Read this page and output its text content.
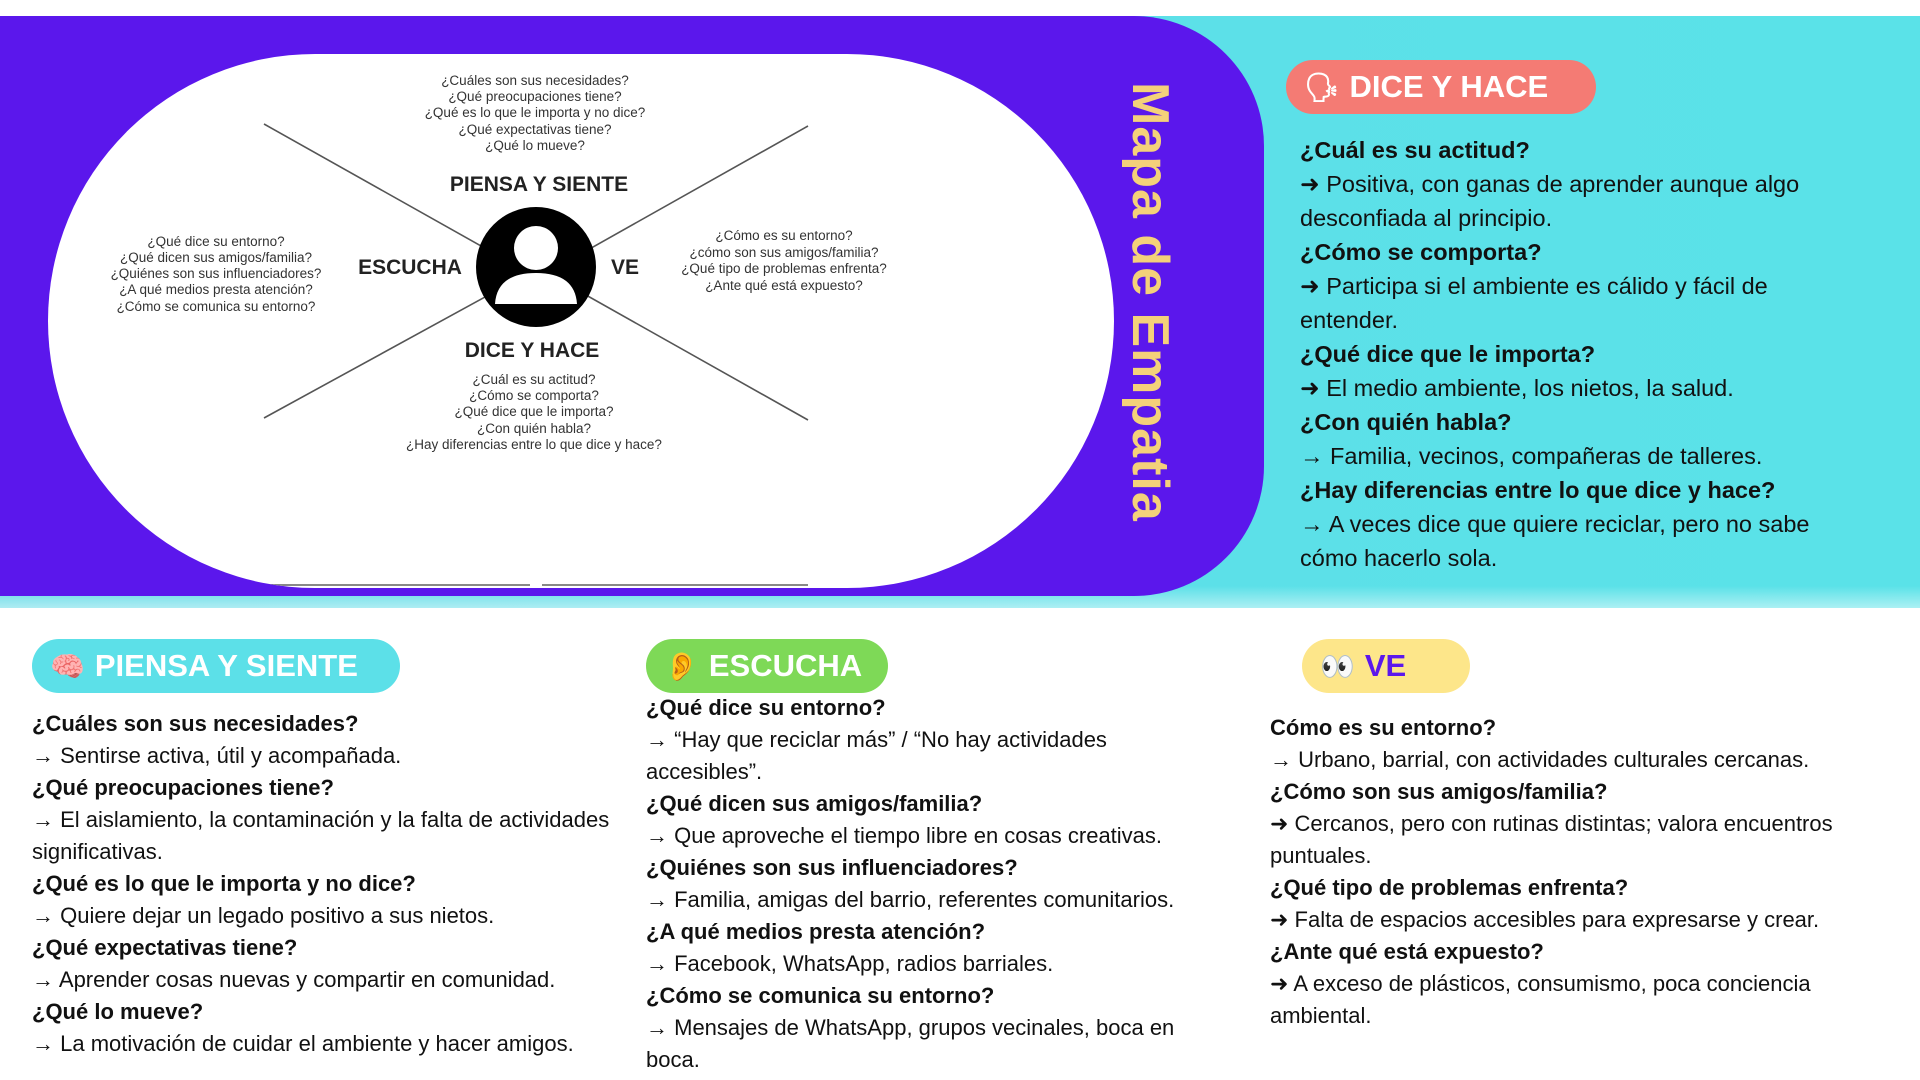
PIENSA Y SIENTE
ESCUCHA	VE
DICE Y HACE
¿Cuáles son sus necesidades?
¿Qué preocupaciones tiene?
¿Qué es lo que le importa y no dice?
¿Qué expectativas tiene?
¿Qué lo mueve?
¿Qué dice su entorno?
¿Qué dicen sus amigos/familia?
¿Quiénes son sus influenciadores?
¿A qué medios presta atención?
¿Cómo se comunica su entorno?
¿Cómo es su entorno?
¿cómo son sus amigos/familia?
¿Qué tipo de problemas enfrenta?
¿Ante qué está expuesto?
¿Cuál es su actitud?
¿Cómo se comporta?
¿Qué dice que le importa?
¿Con quién habla?
¿Hay diferencias entre lo que dice y hace?	Mapa de Empatia	🗣 DICE Y HACE
¿Cuál es su actitud?
➜ Positiva, con ganas de aprender aunque algo desconfiada al principio.
¿Cómo se comporta?
➜ Participa si el ambiente es cálido y fácil de entender.
¿Qué dice que le importa?
➜ El medio ambiente, los nietos, la salud.
¿Con quién habla?
→ Familia, vecinos, compañeras de talleres.
¿Hay diferencias entre lo que dice y hace?
→ A veces dice que quiere reciclar, pero no sabe cómo hacerlo sola.
🧠 PIENSA Y SIENTE
¿Cuáles son sus necesidades?
→ Sentirse activa, útil y acompañada.
¿Qué preocupaciones tiene?
→ El aislamiento, la contaminación y la falta de actividades significativas.
¿Qué es lo que le importa y no dice?
→ Quiere dejar un legado positivo a sus nietos.
¿Qué expectativas tiene?
→ Aprender cosas nuevas y compartir en comunidad.
¿Qué lo mueve?
→ La motivación de cuidar el ambiente y hacer amigos.
👂 ESCUCHA
¿Qué dice su entorno?
→ “Hay que reciclar más” / “No hay actividades accesibles”.
¿Qué dicen sus amigos/familia?
→ Que aproveche el tiempo libre en cosas creativas.
¿Quiénes son sus influenciadores?
→ Familia, amigas del barrio, referentes comunitarios.
¿A qué medios presta atención?
→ Facebook, WhatsApp, radios barriales.
¿Cómo se comunica su entorno?
→ Mensajes de WhatsApp, grupos vecinales, boca en boca.
👀 VE
Cómo es su entorno?
→ Urbano, barrial, con actividades culturales cercanas.
¿Cómo son sus amigos/familia?
➜ Cercanos, pero con rutinas distintas; valora encuentros puntuales.
¿Qué tipo de problemas enfrenta?
➜ Falta de espacios accesibles para expresarse y crear.
¿Ante qué está expuesto?
➜ A exceso de plásticos, consumismo, poca conciencia ambiental.
